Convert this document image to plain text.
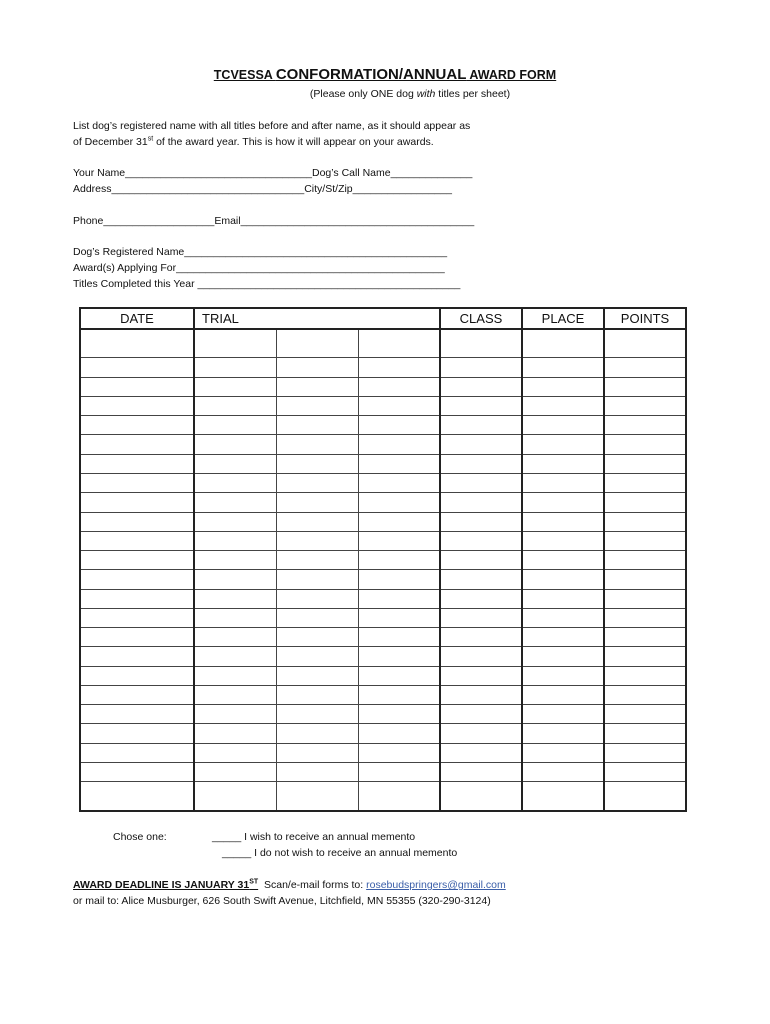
TCVESSA CONFORMATION/ANNUAL AWARD FORM
(Please only ONE dog with titles per sheet)
List dog’s registered name with all titles before and after name, as it should appear as
of December 31st of the award year. This is how it will appear on your awards.
Your Name________________________________Dog’s Call Name______________
Address_________________________________City/St/Zip_________________
Phone___________________Email________________________________________
Dog’s Registered Name_____________________________________________
Award(s) Applying For______________________________________________
Titles Completed this Year _____________________________________________
DATE	TRIAL			CLASS	PLACE	POINTS

Chose one:	_____ I wish to receive an annual memento
_____ I do not wish to receive an annual memento
AWARD DEADLINE IS JANUARY 31ST  Scan/e-mail forms to: rosebudspringers@gmail.com
or mail to: Alice Musburger, 626 South Swift Avenue, Litchfield, MN 55355 (320-290-3124)
